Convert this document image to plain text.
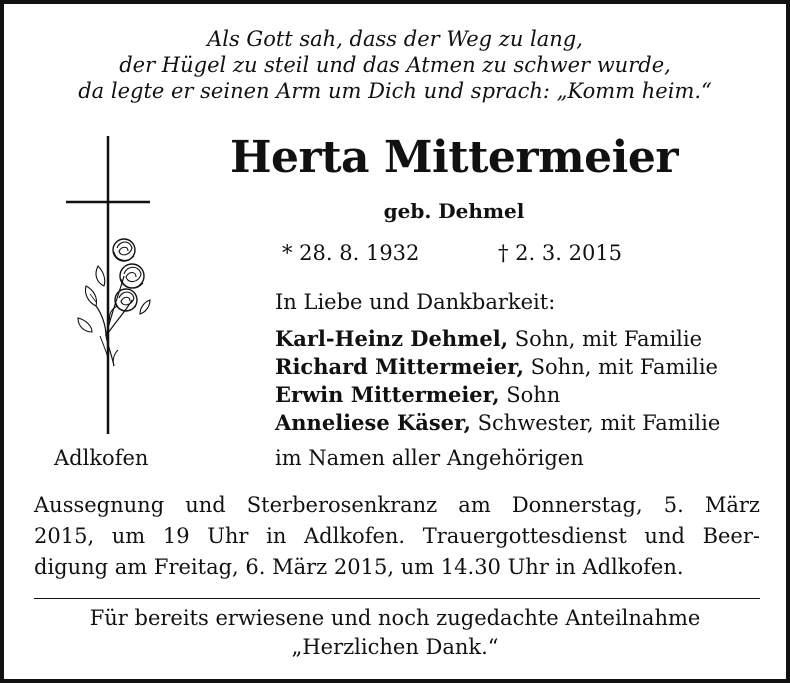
Als Gott sah, dass der Weg zu lang,
der Hügel zu steil und das Atmen zu schwer wurde,
da legte er seinen Arm um Dich und sprach: „Komm heim.“
Herta Mittermeier
geb. Dehmel
* 28. 8. 1932	† 2. 3. 2015
In Liebe und Dankbarkeit:
Karl-Heinz Dehmel, Sohn, mit Familie
Richard Mittermeier, Sohn, mit Familie
Erwin Mittermeier, Sohn
Anneliese Käser, Schwester, mit Familie
Adlkofen	im Namen aller Angehörigen
Aussegnung und Sterberosenkranz am Donnerstag, 5. März
2015, um 19 Uhr in Adlkofen. Trauergottesdienst und Beer-
digung am Freitag, 6. März 2015, um 14.30 Uhr in Adlkofen.
Für bereits erwiesene und noch zugedachte Anteilnahme
„Herzlichen Dank.“
